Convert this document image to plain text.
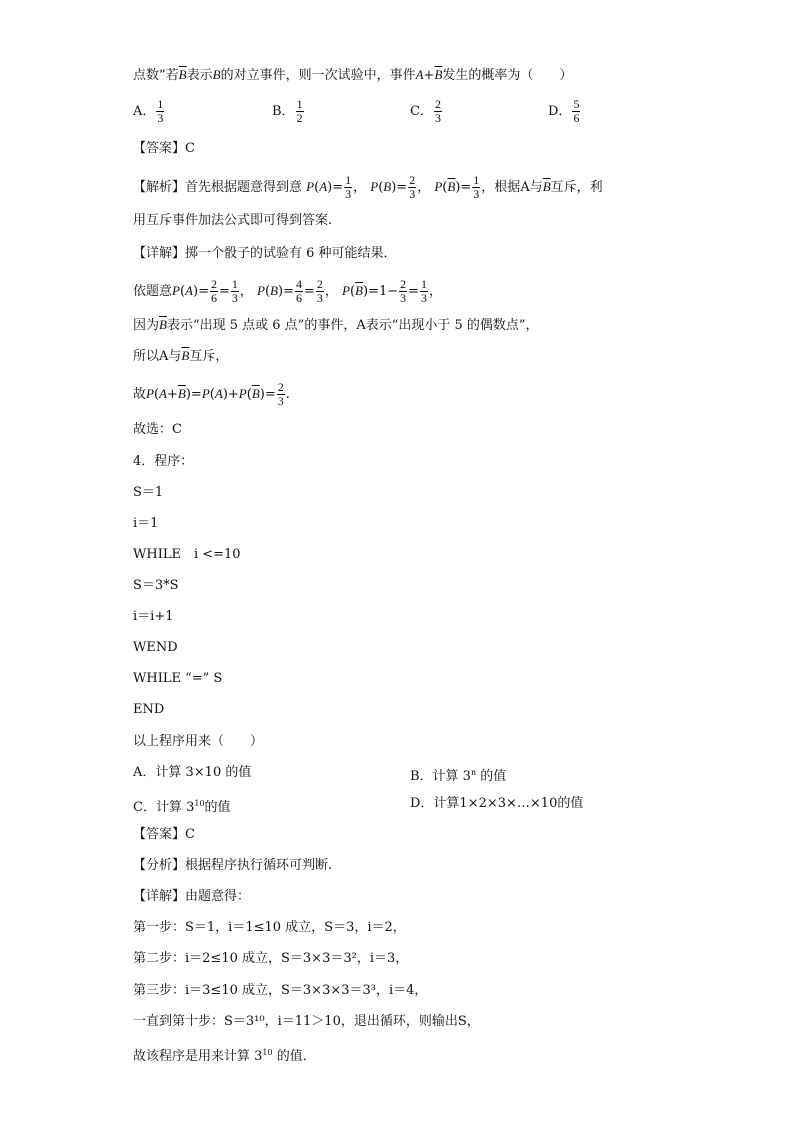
点数”若$\overline{B}$表示B的对立事件，则一次试验中，事件$A+\overline{B}$发生的概率为（　　）
A． $\frac{1}{3}$	B． $\frac{1}{2}$	C． $\frac{2}{3}$	D． $\frac{5}{6}$
【答案】C
【解析】首先根据题意得到意 $P(A)= \frac{1}{3}$ ， $P(B)= \frac{2}{3}$ ， $P(\overline{B})= \frac{1}{3}$ ，根据A与$\overline{B}$互斥，利
用互斥事件加法公式即可得到答案.
【详解】掷一个骰子的试验有 6 种可能结果．
依题意$P(A)= \frac{2}{6} = \frac{1}{3}$ ， $P(B)= \frac{4}{6} = \frac{2}{3}$ ， $P(\overline{B})=1- \frac{2}{3} = \frac{1}{3}$ ，
因为$\overline{B}$表示“出现 5 点或 6 点”的事件，A表示“出现小于 5 的偶数点”，
所以A与$\overline{B}$互斥，
故$P(A+\overline{B})=P(A)+P(\overline{B})= \frac{2}{3}$ .
故选：C
4．程序：
S＝1
i＝1
WHILE　i <=10
S＝3*S
i＝i+1
WEND
WHILE “=” S
END
以上程序用来（　　）
A．计算 3×10 的值	B．计算 3$^n$ 的值
C．计算 $3^{10}$的值	D．计算1×2×3×…×10的值
【答案】C
【分析】根据程序执行循环可判断.
【详解】由题意得：
第一步：S＝1，i＝1≤10 成立，S＝3，i＝2，
第二步：i＝2≤10 成立，S＝3×3＝3²，i＝3，
第三步：i＝3≤10 成立，S＝3×3×3＝3³，i＝4，
一直到第十步：S＝3¹⁰，i＝11＞10，退出循环，则输出S，
故该程序是用来计算 $3^{10}$ 的值．
